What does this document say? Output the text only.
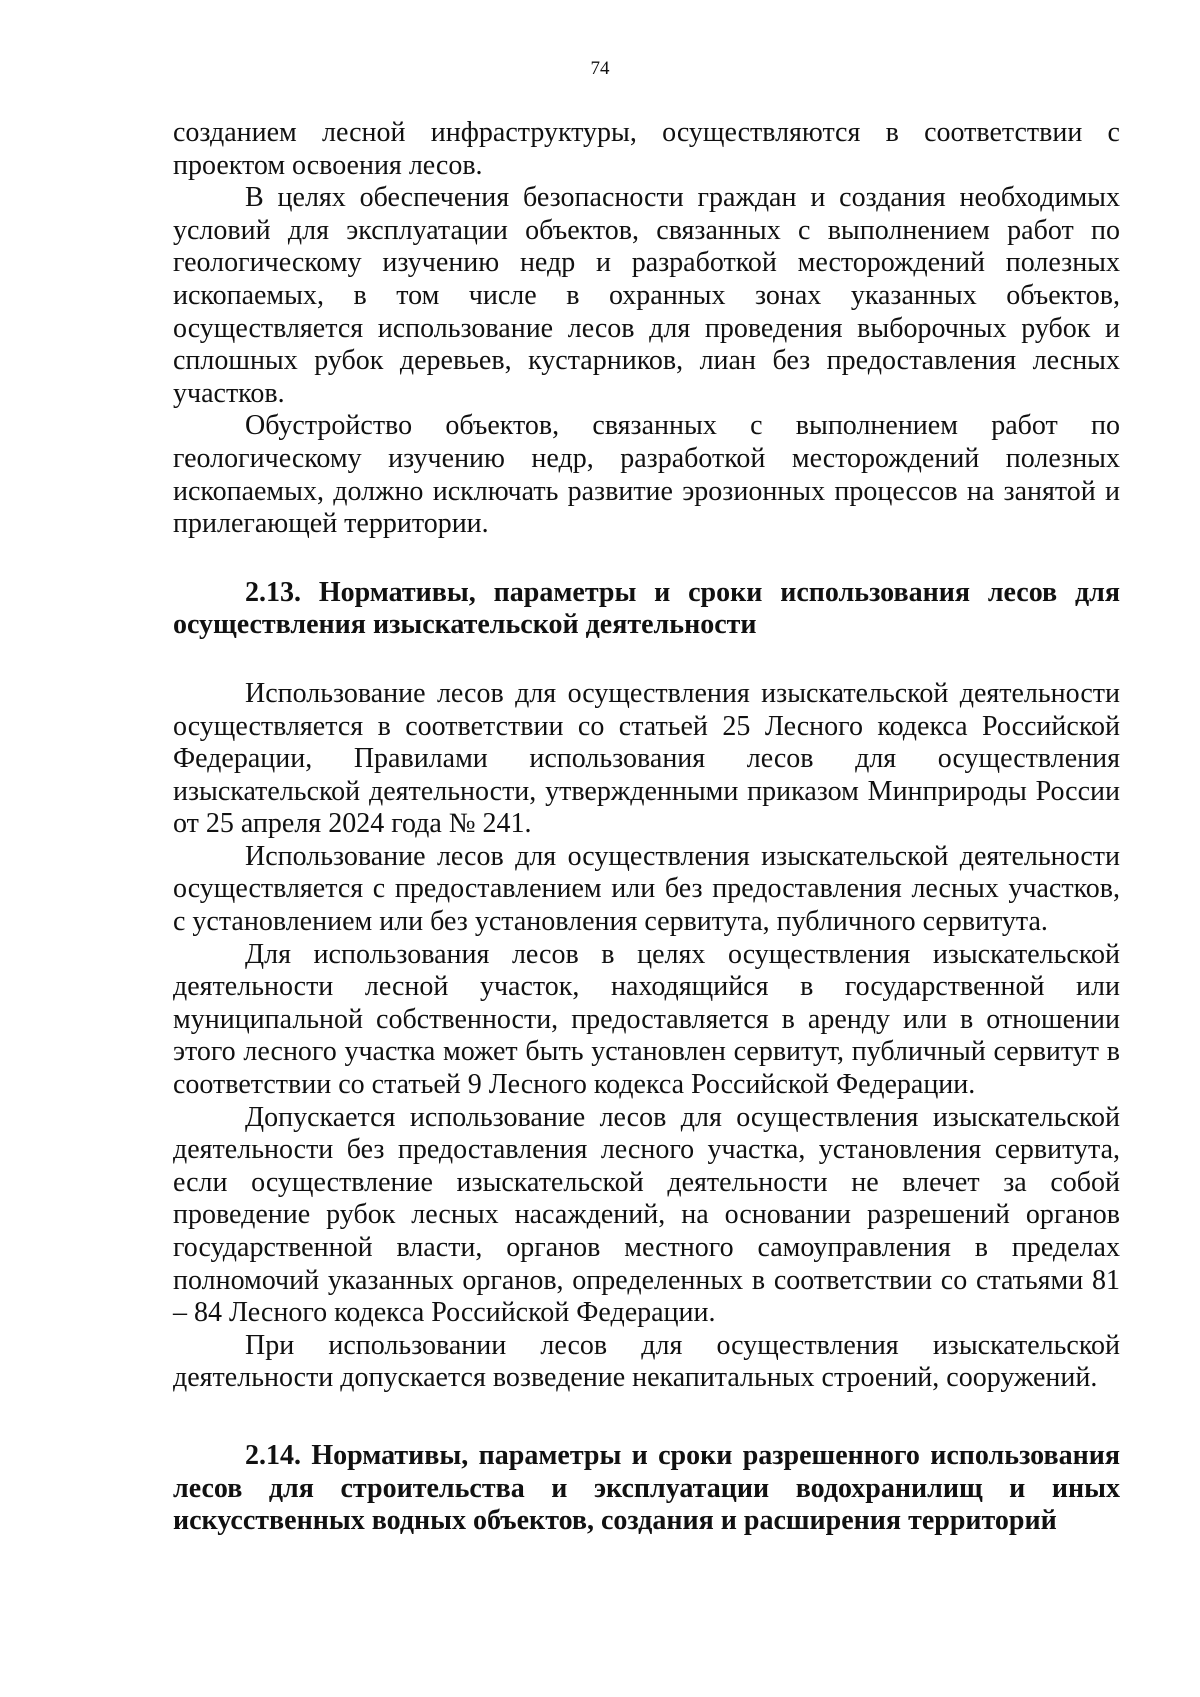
74

созданием лесной инфраструктуры, осуществляются в соответствии с проектом освоения лесов.

В целях обеспечения безопасности граждан и создания необходимых условий для эксплуатации объектов, связанных с выполнением работ по геологическому изучению недр и разработкой месторождений полезных ископаемых, в том числе в охранных зонах указанных объектов, осуществляется использование лесов для проведения выборочных рубок и сплошных рубок деревьев, кустарников, лиан без предоставления лесных участков.

Обустройство объектов, связанных с выполнением работ по геологическому изучению недр, разработкой месторождений полезных ископаемых, должно исключать развитие эрозионных процессов на занятой и прилегающей территории.

2.13. Нормативы, параметры и сроки использования лесов для осуществления изыскательской деятельности

Использование лесов для осуществления изыскательской деятельности осуществляется в соответствии со статьей 25 Лесного кодекса Российской Федерации, Правилами использования лесов для осуществления изыскательской деятельности, утвержденными приказом Минприроды России от 25 апреля 2024 года № 241.

Использование лесов для осуществления изыскательской деятельности осуществляется с предоставлением или без предоставления лесных участков, с установлением или без установления сервитута, публичного сервитута.

Для использования лесов в целях осуществления изыскательской деятельности лесной участок, находящийся в государственной или муниципальной собственности, предоставляется в аренду или в отношении этого лесного участка может быть установлен сервитут, публичный сервитут в соответствии со статьей 9 Лесного кодекса Российской Федерации.

Допускается использование лесов для осуществления изыскательской деятельности без предоставления лесного участка, установления сервитута, если осуществление изыскательской деятельности не влечет за собой проведение рубок лесных насаждений, на основании разрешений органов государственной власти, органов местного самоуправления в пределах полномочий указанных органов, определенных в соответствии со статьями 81 – 84 Лесного кодекса Российской Федерации.

При использовании лесов для осуществления изыскательской деятельности допускается возведение некапитальных строений, сооружений.

2.14. Нормативы, параметры и сроки разрешенного использования лесов для строительства и эксплуатации водохранилищ и иных искусственных водных объектов, создания и расширения территорий
